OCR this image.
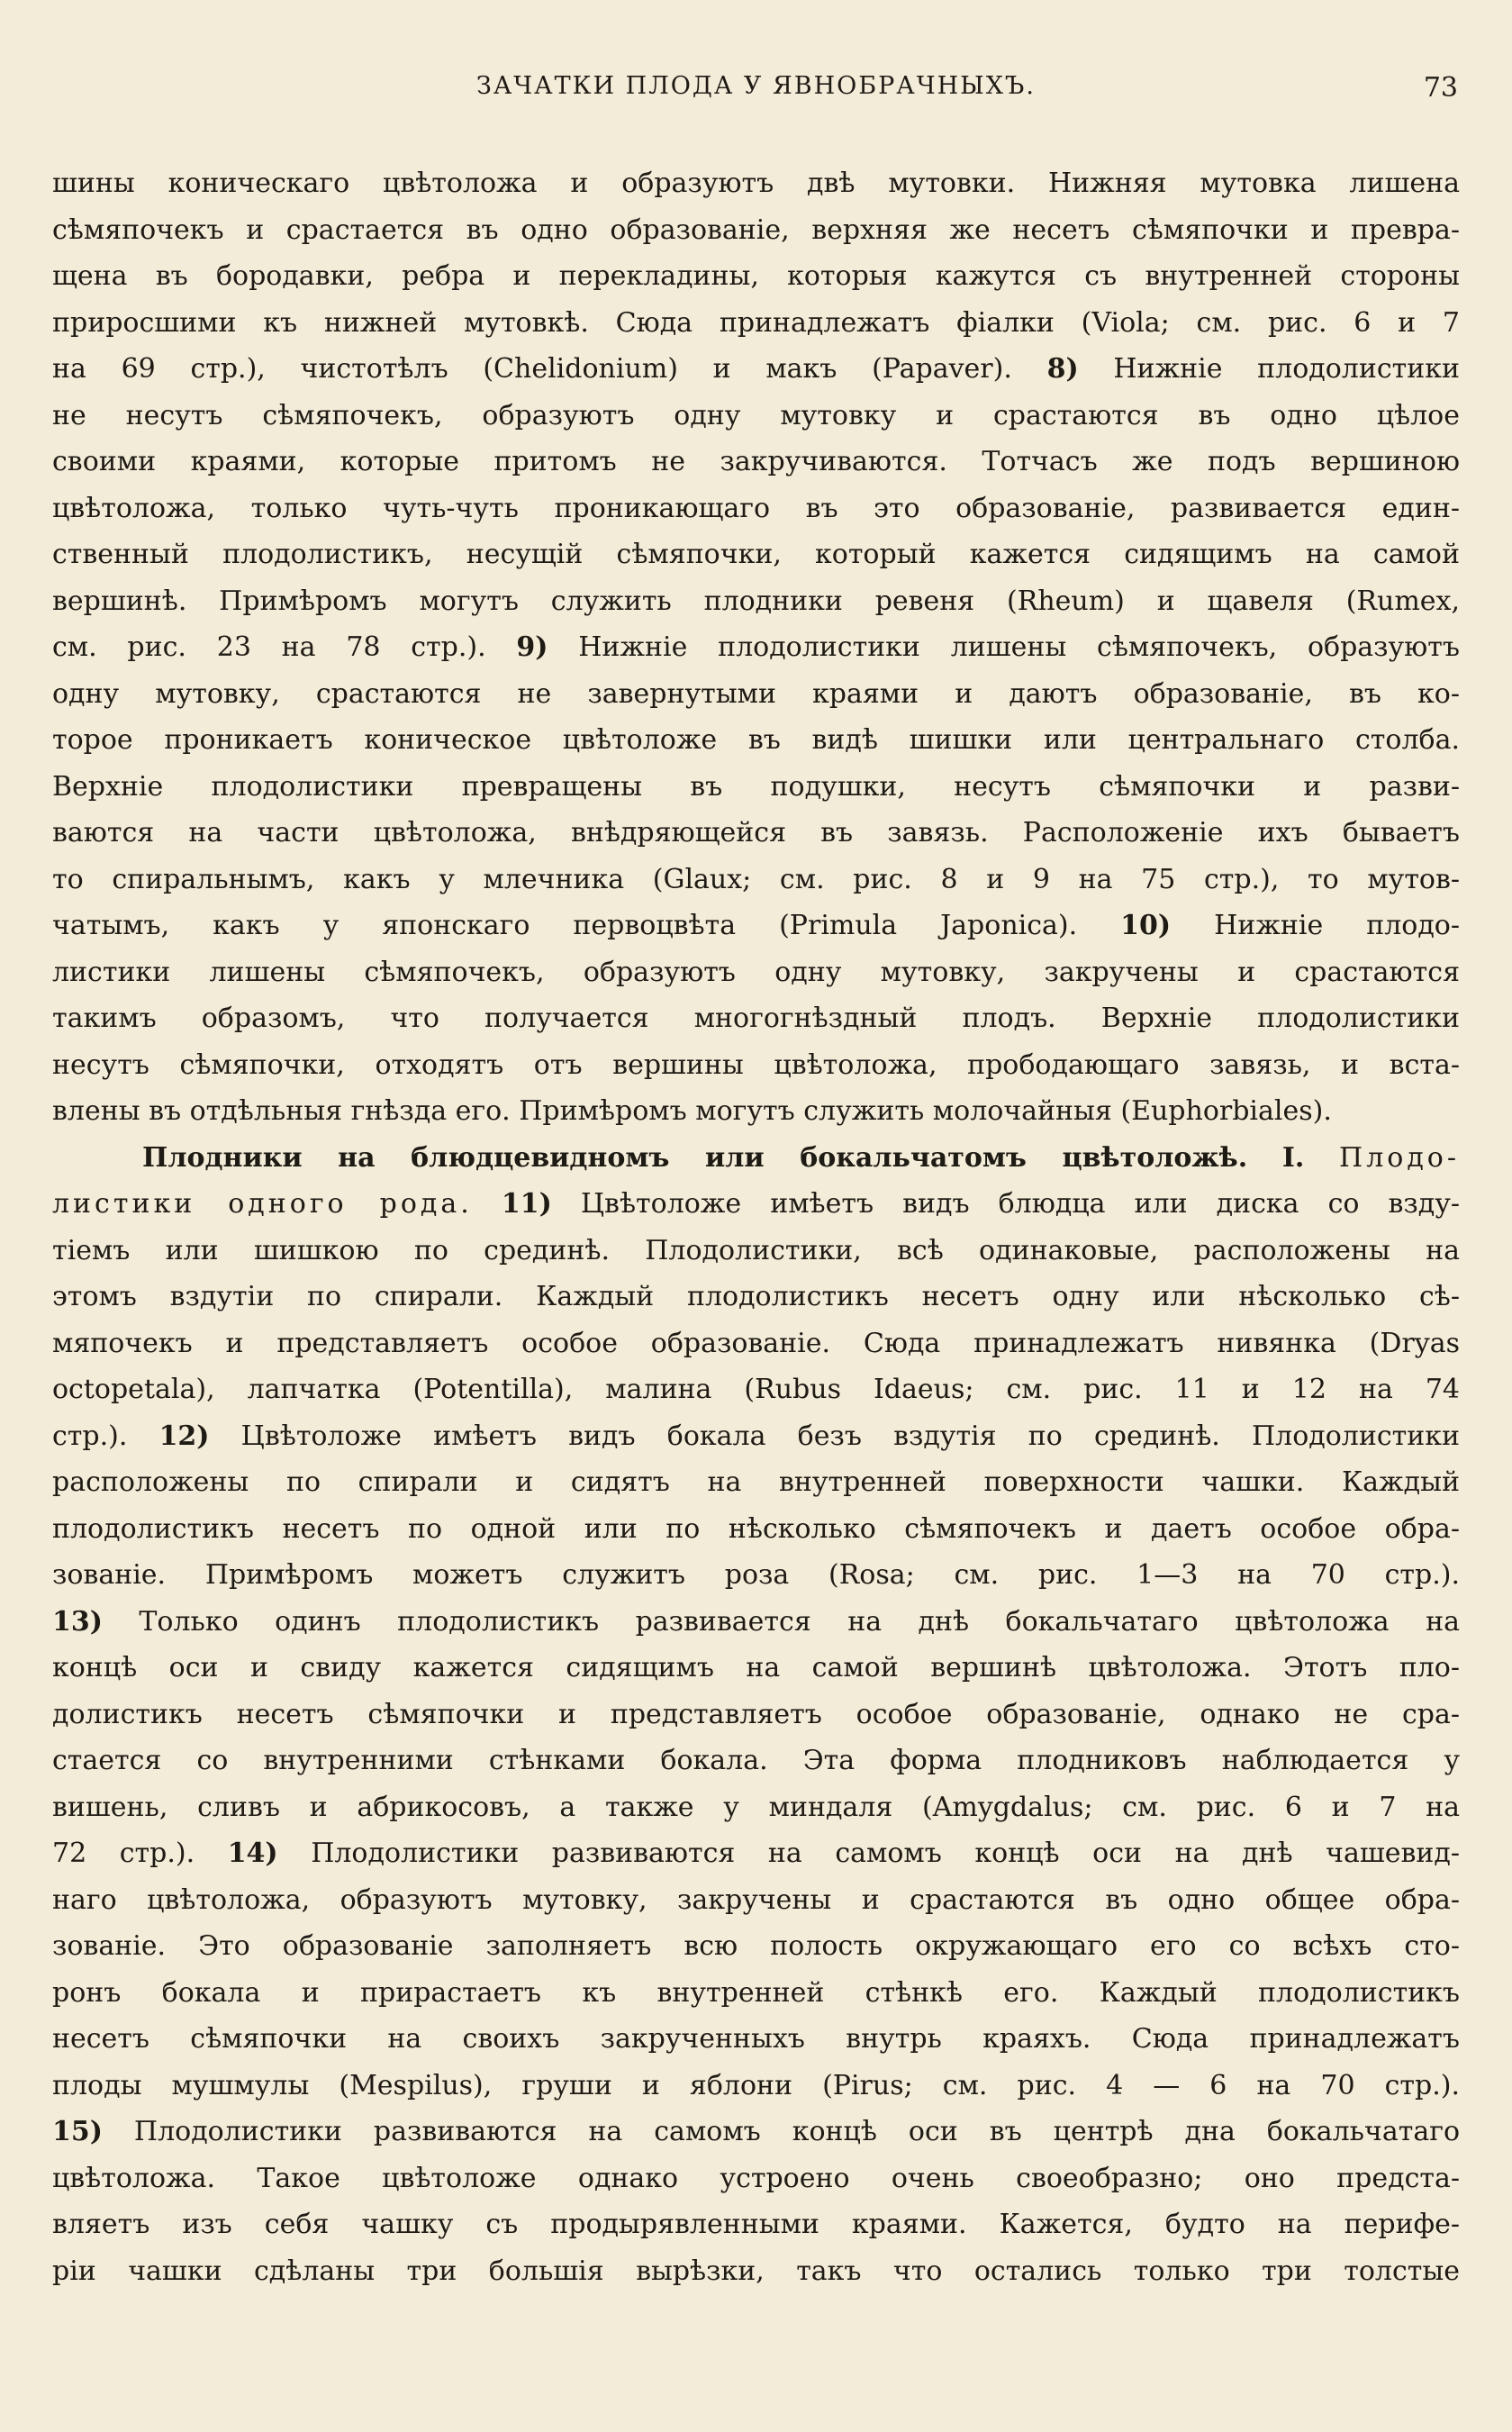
ЗАЧАТКИ ПЛОДА У ЯВНОБРАЧНЫХЪ.	73
шины коническаго цвѣтоложа и образуютъ двѣ мутовки. Нижняя мутовка лишена
сѣмяпочекъ и срастается въ одно образованіе, верхняя же несетъ сѣмяпочки и превра-
щена въ бородавки, ребра и перекладины, которыя кажутся съ внутренней стороны
приросшими къ нижней мутовкѣ. Сюда принадлежатъ фіалки (Viola; см. рис. 6 и 7
на 69 стр.), чистотѣлъ (Chelidonium) и макъ (Papaver). 8) Нижніе плодолистики
не несутъ сѣмяпочекъ, образуютъ одну мутовку и срастаются въ одно цѣлое
своими краями, которые притомъ не закручиваются. Тотчасъ же подъ вершиною
цвѣтоложа, только чуть-чуть проникающаго въ это образованіе, развивается един-
ственный плодолистикъ, несущій сѣмяпочки, который кажется сидящимъ на самой
вершинѣ. Примѣромъ могутъ служить плодники ревеня (Rheum) и щавеля (Rumex,
см. рис. 23 на 78 стр.). 9) Нижніе плодолистики лишены сѣмяпочекъ, образуютъ
одну мутовку, срастаются не завернутыми краями и даютъ образованіе, въ ко-
торое проникаетъ коническое цвѣтоложе въ видѣ шишки или центральнаго столба.
Верхніе плодолистики превращены въ подушки, несутъ сѣмяпочки и разви-
ваются на части цвѣтоложа, внѣдряющейся въ завязь. Расположеніе ихъ бываетъ
то спиральнымъ, какъ у млечника (Glaux; см. рис. 8 и 9 на 75 стр.), то мутов-
чатымъ, какъ у японскаго первоцвѣта (Primula Japonica). 10) Нижніе плодо-
листики лишены сѣмяпочекъ, образуютъ одну мутовку, закручены и срастаются
такимъ образомъ, что получается многогнѣздный плодъ. Верхніе плодолистики
несутъ сѣмяпочки, отходятъ отъ вершины цвѣтоложа, прободающаго завязь, и вста-
влены въ отдѣльныя гнѣзда его. Примѣромъ могутъ служить молочайныя (Euphorbiales).
Плодники на блюдцевидномъ или бокальчатомъ цвѣтоложѣ. I. Плодо-
листики одного рода. 11) Цвѣтоложе имѣетъ видъ блюдца или диска со взду-
тіемъ или шишкою по срединѣ. Плодолистики, всѣ одинаковые, расположены на
этомъ вздутіи по спирали. Каждый плодолистикъ несетъ одну или нѣсколько сѣ-
мяпочекъ и представляетъ особое образованіе. Сюда принадлежатъ нивянка (Dryas
octopetala), лапчатка (Potentilla), малина (Rubus Idaeus; см. рис. 11 и 12 на 74
стр.). 12) Цвѣтоложе имѣетъ видъ бокала безъ вздутія по срединѣ. Плодолистики
расположены по спирали и сидятъ на внутренней поверхности чашки. Каждый
плодолистикъ несетъ по одной или по нѣсколько сѣмяпочекъ и даетъ особое обра-
зованіе. Примѣромъ можетъ служитъ роза (Rosa; см. рис. 1—3 на 70 стр.).
13) Только одинъ плодолистикъ развивается на днѣ бокальчатаго цвѣтоложа на
концѣ оси и свиду кажется сидящимъ на самой вершинѣ цвѣтоложа. Этотъ пло-
долистикъ несетъ сѣмяпочки и представляетъ особое образованіе, однако не сра-
стается со внутренними стѣнками бокала. Эта форма плодниковъ наблюдается у
вишень, сливъ и абрикосовъ, а также у миндаля (Amygdalus; см. рис. 6 и 7 на
72 стр.). 14) Плодолистики развиваются на самомъ концѣ оси на днѣ чашевид-
наго цвѣтоложа, образуютъ мутовку, закручены и срастаются въ одно общее обра-
зованіе. Это образованіе заполняетъ всю полость окружающаго его со всѣхъ сто-
ронъ бокала и прирастаетъ къ внутренней стѣнкѣ его. Каждый плодолистикъ
несетъ сѣмяпочки на своихъ закрученныхъ внутрь краяхъ. Сюда принадлежатъ
плоды мушмулы (Mespilus), груши и яблони (Pirus; см. рис. 4 — 6 на 70 стр.).
15) Плодолистики развиваются на самомъ концѣ оси въ центрѣ дна бокальчатаго
цвѣтоложа. Такое цвѣтоложе однако устроено очень своеобразно; оно предста-
вляетъ изъ себя чашку съ продырявленными краями. Кажется, будто на перифе-
ріи чашки сдѣланы три большія вырѣзки, такъ что остались только три толстые
